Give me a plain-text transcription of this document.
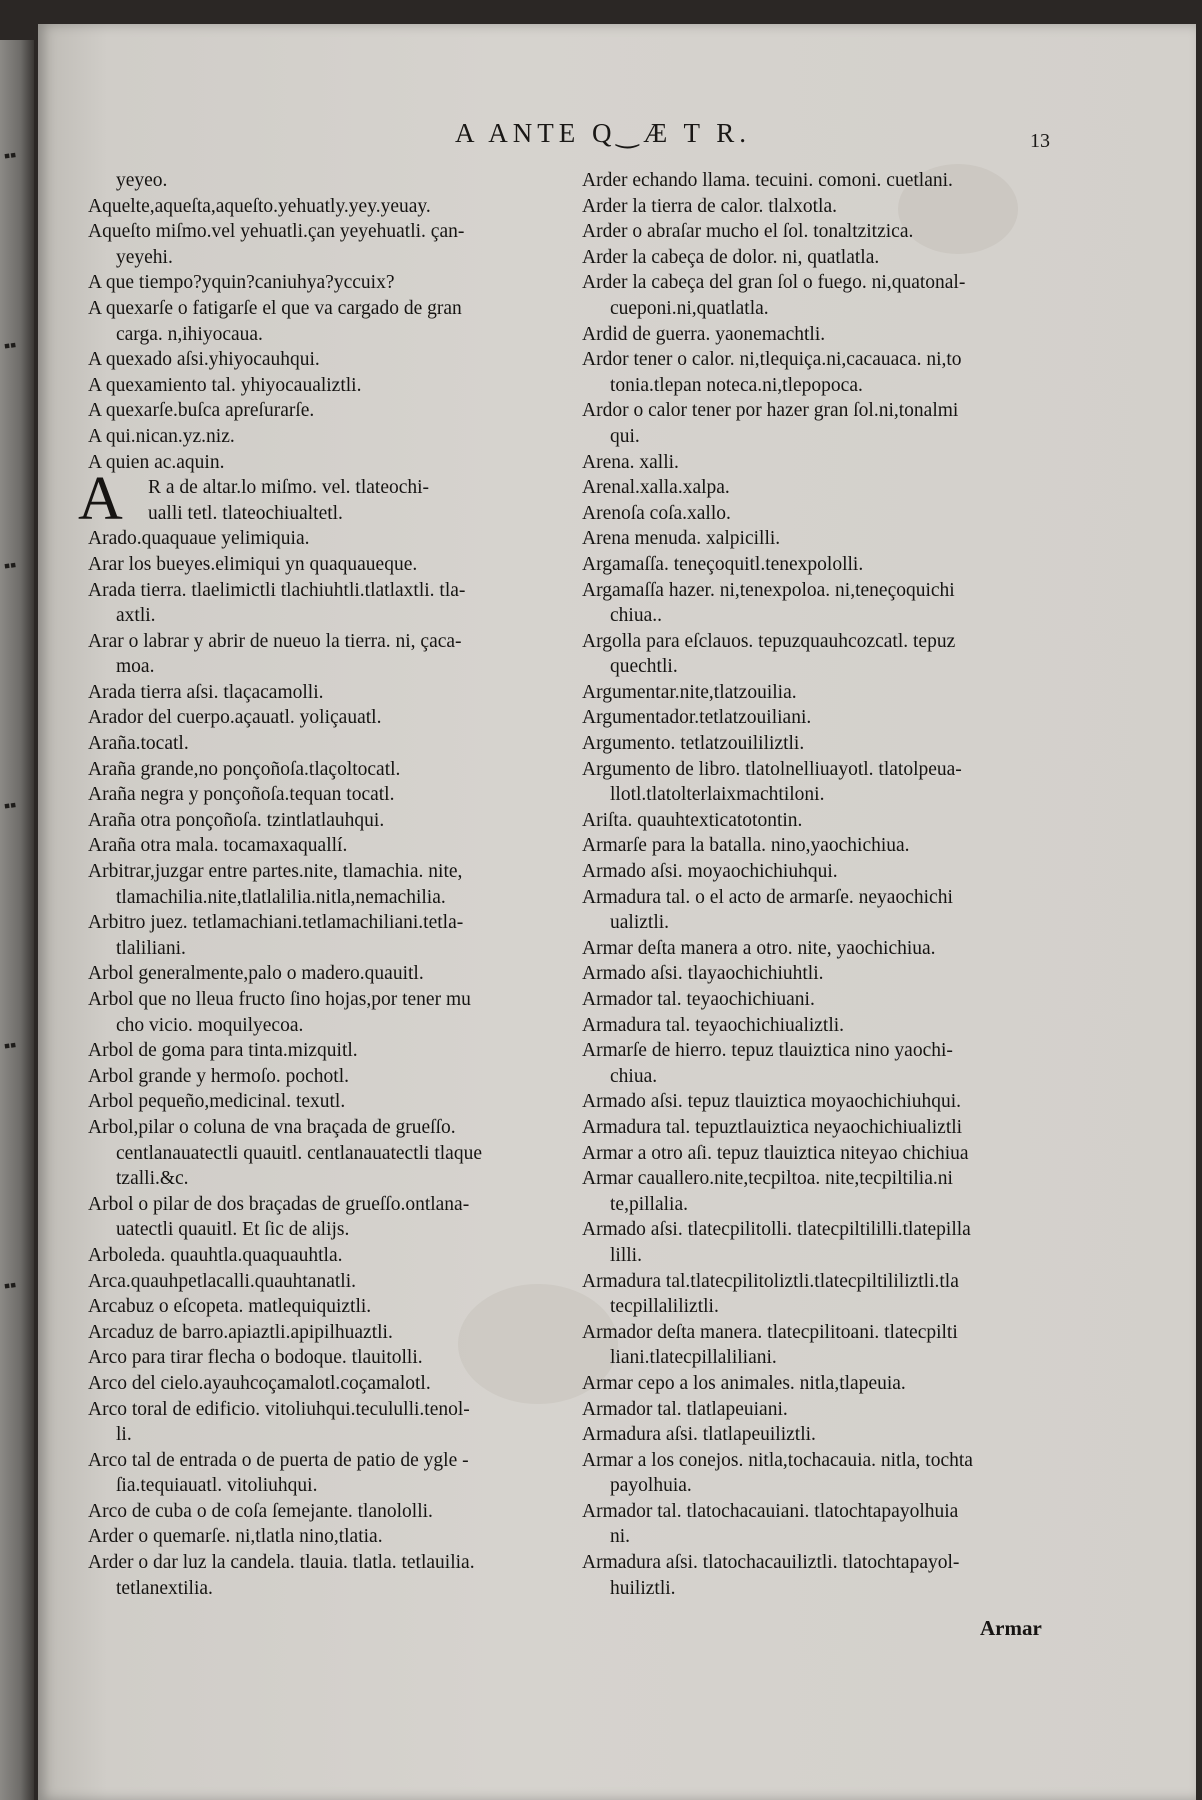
▪▪
▪▪
▪▪
▪▪
▪▪
▪▪
A ANTE Q‿Æ T R.	13
yeyeo.
Aquelte,aqueſta,aqueſto.yehuatly.yey.yeuay.
Aqueſto miſmo.vel yehuatli.çan yeyehuatli. çan-
yeyehi.
A que tiempo?yquin?caniuhya?yccuix?
A quexarſe o fatigarſe el que va cargado de gran
carga. n,ihiyocaua.
A quexado aſsi.yhiyocauhqui.
A quexamiento tal. yhiyocaualiztli.
A quexarſe.buſca apreſurarſe.
A qui.nican.yz.niz.
A quien ac.aquin.
R a de altar.lo miſmo. vel. tlateochi-
ualli tetl. tlateochiualtetl.
Arado.quaquaue yelimiquia.
Arar los bueyes.elimiqui yn quaquaueque.
Arada tierra. tlaelimictli tlachiuhtli.tlatlaxtli. tla-
axtli.
Arar o labrar y abrir de nueuo la tierra. ni, çaca-
moa.
Arada tierra aſsi. tlaçacamolli.
Arador del cuerpo.açauatl. yoliçauatl.
Araña.tocatl.
Araña grande,no ponçoñoſa.tlaçoltocatl.
Araña negra y ponçoñoſa.tequan tocatl.
Araña otra ponçoñoſa. tzintlatlauhqui.
Araña otra mala. tocamaxaquallí.
Arbitrar,juzgar entre partes.nite, tlamachia. nite,
tlamachilia.nite,tlatlalilia.nitla,nemachilia.
Arbitro juez. tetlamachiani.tetlamachiliani.tetla-
tlaliliani.
Arbol generalmente,palo o madero.quauitl.
Arbol que no lleua fructo ſino hojas,por tener mu
cho vicio. moquilyecoa.
Arbol de goma para tinta.mizquitl.
Arbol grande y hermoſo. pochotl.
Arbol pequeño,medicinal. texutl.
Arbol,pilar o coluna de vna braçada de grueſſo.
centlanauatectli quauitl. centlanauatectli tlaque
tzalli.&c.
Arbol o pilar de dos braçadas de grueſſo.ontlana-
uatectli quauitl. Et ſic de alijs.
Arboleda. quauhtla.quaquauhtla.
Arca.quauhpetlacalli.quauhtanatli.
Arcabuz o eſcopeta. matlequiquiztli.
Arcaduz de barro.apiaztli.apipilhuaztli.
Arco para tirar flecha o bodoque. tlauitolli.
Arco del cielo.ayauhcoçamalotl.coçamalotl.
Arco toral de edificio. vitoliuhqui.tecululli.tenol-
li.
Arco tal de entrada o de puerta de patio de ygle -
ſia.tequiauatl. vitoliuhqui.
Arco de cuba o de coſa ſemejante. tlanololli.
Arder o quemarſe. ni,tlatla nino,tlatia.
Arder o dar luz la candela. tlauia. tlatla. tetlauilia.
tetlanextilia.
Arder echando llama. tecuini. comoni. cuetlani.
Arder la tierra de calor. tlalxotla.
Arder o abraſar mucho el ſol. tonaltzitzica.
Arder la cabeça de dolor. ni, quatlatla.
Arder la cabeça del gran ſol o fuego. ni,quatonal-
cueponi.ni,quatlatla.
Ardid de guerra. yaonemachtli.
Ardor tener o calor. ni,tlequiça.ni,cacauaca. ni,to
tonia.tlepan noteca.ni,tlepopoca.
Ardor o calor tener por hazer gran ſol.ni,tonalmi
qui.
Arena. xalli.
Arenal.xalla.xalpa.
Arenoſa coſa.xallo.
Arena menuda. xalpicilli.
Argamaſſa. teneçoquitl.tenexpololli.
Argamaſſa hazer. ni,tenexpoloa. ni,teneçoquichi
chiua..
Argolla para eſclauos. tepuzquauhcozcatl. tepuz
quechtli.
Argumentar.nite,tlatzouilia.
Argumentador.tetlatzouiliani.
Argumento. tetlatzouililiztli.
Argumento de libro. tlatolnelliuayotl. tlatolpeua-
llotl.tlatolterlaixmachtiloni.
Ariſta. quauhtexticatotontin.
Armarſe para la batalla. nino,yaochichiua.
Armado aſsi. moyaochichiuhqui.
Armadura tal. o el acto de armarſe. neyaochichi
ualiztli.
Armar deſta manera a otro. nite, yaochichiua.
Armado aſsi. tlayaochichiuhtli.
Armador tal. teyaochichiuani.
Armadura tal. teyaochichiualiztli.
Armarſe de hierro. tepuz tlauiztica nino yaochi-
chiua.
Armado aſsi. tepuz tlauiztica moyaochichiuhqui.
Armadura tal. tepuztlauiztica neyaochichiualiztli
Armar a otro aſi. tepuz tlauiztica niteyao chichiua
Armar cauallero.nite,tecpiltoa. nite,tecpiltilia.ni
te,pillalia.
Armado aſsi. tlatecpilitolli. tlatecpiltililli.tlatepilla
lilli.
Armadura tal.tlatecpilitoliztli.tlatecpiltililiztli.tla
tecpillaliliztli.
Armador deſta manera. tlatecpilitoani. tlatecpilti
liani.tlatecpillaliliani.
Armar cepo a los animales. nitla,tlapeuia.
Armador tal. tlatlapeuiani.
Armadura aſsi. tlatlapeuiliztli.
Armar a los conejos. nitla,tochacauia. nitla, tochta
payolhuia.
Armador tal. tlatochacauiani. tlatochtapayolhuia
ni.
Armadura aſsi. tlatochacauiliztli. tlatochtapayol-
huiliztli.
A
Armar
